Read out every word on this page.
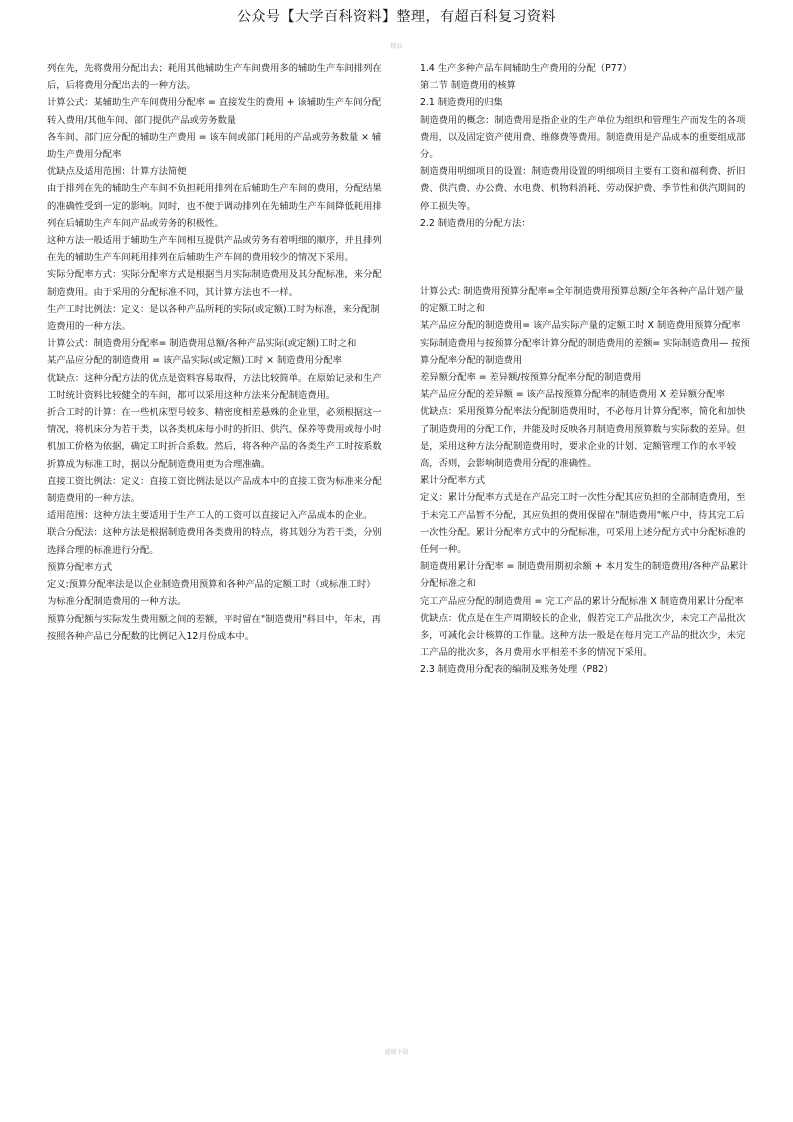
公众号【大学百科资料】整理，有超百科复习资料
精品

列在先，先将费用分配出去；耗用其他辅助生产车间费用多的辅助生产车间排列在后，后将费用分配出去的一种方法。

计算公式：某辅助生产车间费用分配率 = 直接发生的费用 + 该辅助生产车间分配转入费用/其他车间、部门提供产品或劳务数量

各车间、部门应分配的辅助生产费用 = 该车间或部门耗用的产品或劳务数量 × 辅助生产费用分配率

优缺点及适用范围：计算方法简便

由于排列在先的辅助生产车间不负担耗用排列在后辅助生产车间的费用，分配结果的准确性受到一定的影响。同时，也不便于调动排列在先辅助生产车间降低耗用排列在后辅助生产车间产品或劳务的积极性。

这种方法一般适用于辅助生产车间相互提供产品或劳务有着明细的顺序，并且排列在先的辅助生产车间耗用排列在后辅助生产车间的费用较少的情况下采用。

实际分配率方式：实际分配率方式是根据当月实际制造费用及其分配标准，来分配制造费用。由于采用的分配标准不同，其计算方法也不一样。

生产工时比例法：定义：是以各种产品所耗的实际(或定额)工时为标准，来分配制造费用的一种方法。

计算公式：制造费用分配率= 制造费用总额/各种产品实际(或定额)工时之和

某产品应分配的制造费用 = 该产品实际(或定额)工时 × 制造费用分配率

优缺点：这种分配方法的优点是资料容易取得，方法比较简单。在原始记录和生产工时统计资料比较健全的车间，都可以采用这种方法来分配制造费用。

折合工时的计算：在一些机床型号较多、精密度相差悬殊的企业里，必须根据这一情况，将机床分为若干类，以各类机床每小时的折旧、供汽、保养等费用或每小时机加工价格为依据，确定工时折合系数。然后，将各种产品的各类生产工时按系数折算成为标准工时，据以分配制造费用更为合理准确。

直接工资比例法：定义：直接工资比例法是以产品成本中的直接工资为标准来分配制造费用的一种方法。

适用范围：这种方法主要适用于生产工人的工资可以直接记入产品成本的企业。

联合分配法：这种方法是根据制造费用各类费用的特点，将其划分为若干类，分别选择合理的标准进行分配。

预算分配率方式

定义:预算分配率法是以企业制造费用预算和各种产品的定额工时（或标准工时）为标准分配制造费用的一种方法。

预算分配额与实际发生费用额之间的差额，平时留在"制造费用"科目中，年末，再按照各种产品已分配数的比例记入12月份成本中。

1.4 生产多种产品车间辅助生产费用的分配（P77）

第二节 制造费用的核算

2.1 制造费用的归集

制造费用的概念：制造费用是指企业的生产单位为组织和管理生产而发生的各项费用，以及固定资产使用费、维修费等费用。制造费用是产品成本的重要组成部分。

制造费用明细项目的设置：制造费用设置的明细项目主要有工资和福利费、折旧费、供汽费、办公费、水电费、机物料消耗、劳动保护费、季节性和供汽期间的停工损失等。

2.2 制造费用的分配方法：

计算公式: 制造费用预算分配率=全年制造费用预算总额/全年各种产品计划产量的定额工时之和

某产品应分配的制造费用= 该产品实际产量的定额工时 X 制造费用预算分配率

实际制造费用与按预算分配率计算分配的制造费用的差额= 实际制造费用— 按预算分配率分配的制造费用

差异额分配率 = 差异额/按预算分配率分配的制造费用

某产品应分配的差异额 = 该产品按预算分配率的制造费用 X 差异额分配率

优缺点：采用预算分配率法分配制造费用时，不必每月计算分配率，简化和加快了制造费用的分配工作，并能及时反映各月制造费用预算数与实际数的差异。但是，采用这种方法分配制造费用时，要求企业的计划、定额管理工作的水平较高，否则，会影响制造费用分配的准确性。

累计分配率方式

定义：累计分配率方式是在产品完工时一次性分配其应负担的全部制造费用，至于未完工产品暂不分配，其应负担的费用保留在"制造费用"帐户中，待其完工后一次性分配。累计分配率方式中的分配标准，可采用上述分配方式中分配标准的任何一种。

制造费用累计分配率 = 制造费用期初余额 + 本月发生的制造费用/各种产品累计分配标准之和

完工产品应分配的制造费用 = 完工产品的累计分配标准 X 制造费用累计分配率

优缺点：优点是在生产周期较长的企业，假若完工产品批次少，未完工产品批次多，可减化会计核算的工作量。这种方法一般是在每月完工产品的批次少，未完工产品的批次多，各月费用水平相差不多的情况下采用。

2.3 制造费用分配表的编制及账务处理（P82）

感谢下载
